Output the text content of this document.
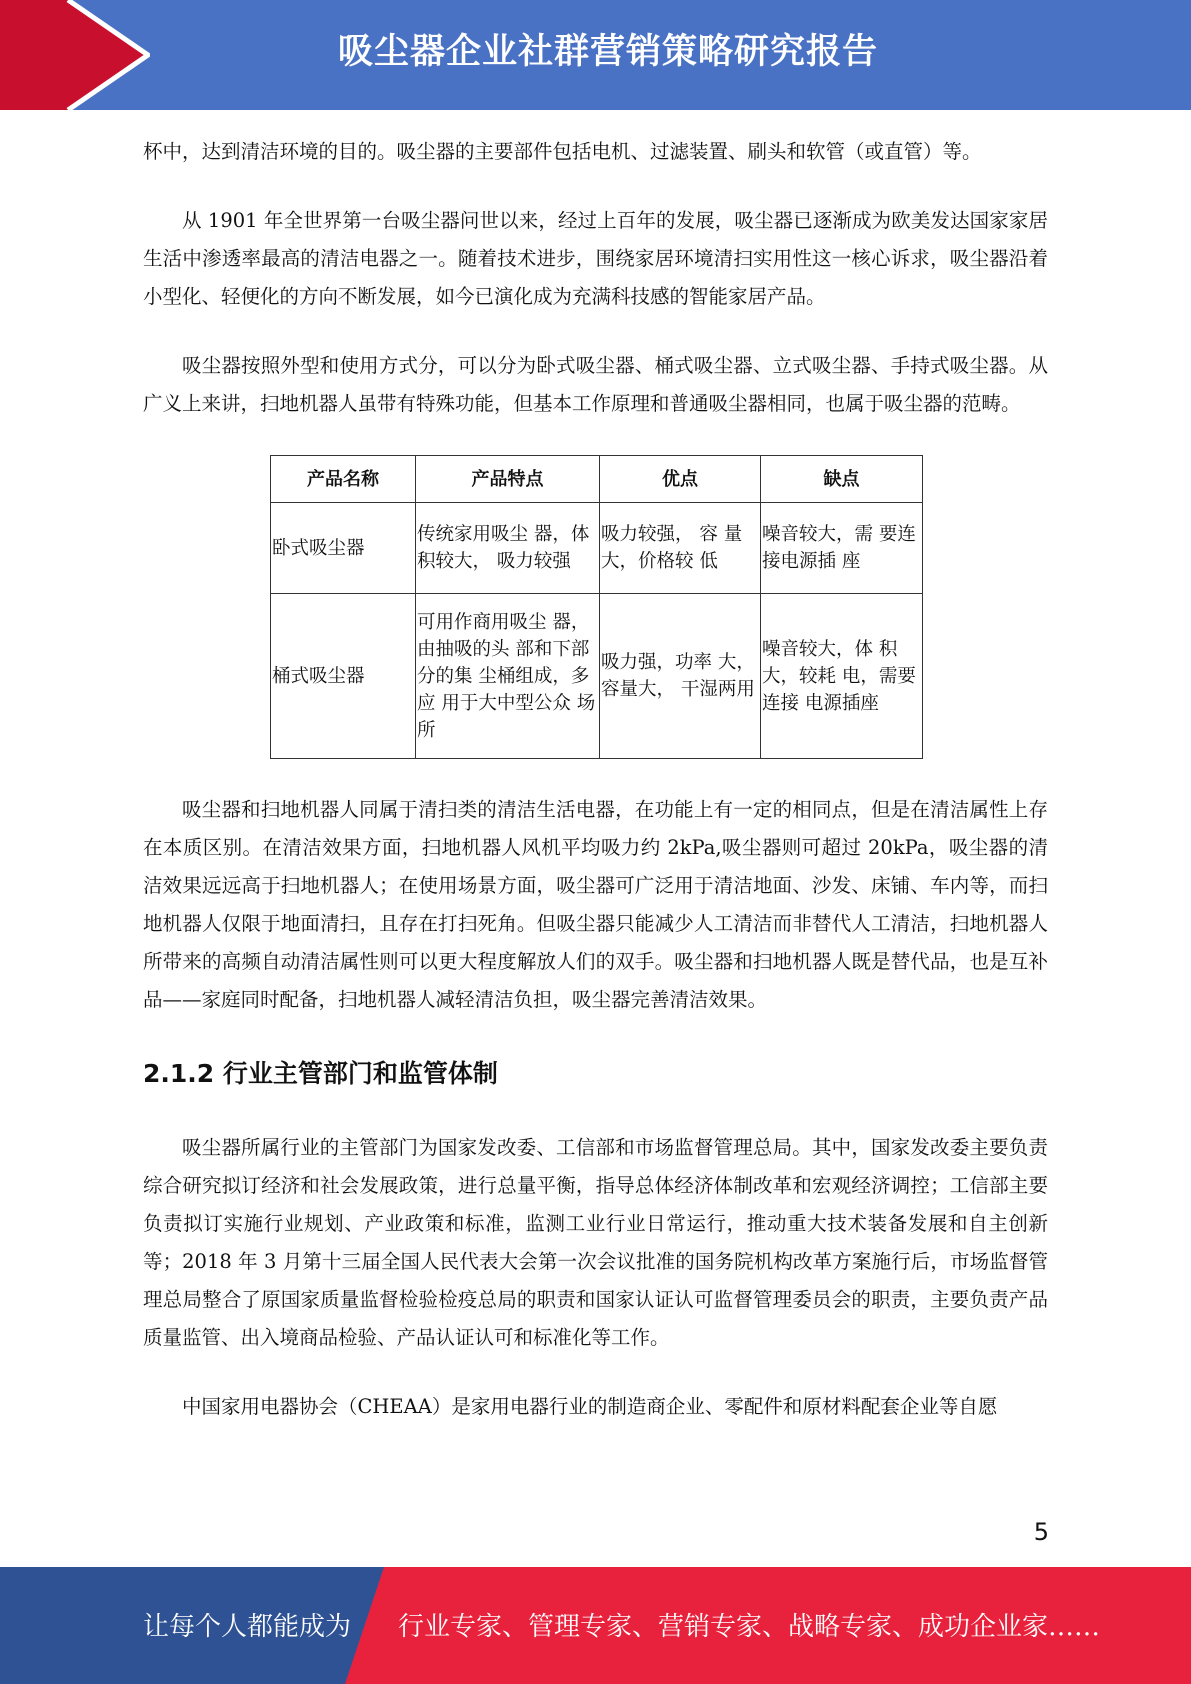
吸尘器企业社群营销策略研究报告

杯中，达到清洁环境的目的。吸尘器的主要部件包括电机、过滤装置、刷头和软管（或直管）等。

从 1901 年全世界第一台吸尘器问世以来，经过上百年的发展，吸尘器已逐渐成为欧美发达国家家居生活中渗透率最高的清洁电器之一。随着技术进步，围绕家居环境清扫实用性这一核心诉求，吸尘器沿着小型化、轻便化的方向不断发展，如今已演化成为充满科技感的智能家居产品。

吸尘器按照外型和使用方式分，可以分为卧式吸尘器、桶式吸尘器、立式吸尘器、手持式吸尘器。从广义上来讲，扫地机器人虽带有特殊功能，但基本工作原理和普通吸尘器相同，也属于吸尘器的范畴。

产品名称	产品特点	优点	缺点
卧式吸尘器	传统家用吸尘 器，体积较大， 吸力较强	吸力较强， 容 量大，价格较 低	噪音较大，需 要连接电源插 座
桶式吸尘器	可用作商用吸尘 器，由抽吸的头 部和下部分的集 尘桶组成，多应 用于大中型公众 场所	吸力强，功率 大，容量大， 干湿两用	噪音较大，体 积大，较耗 电，需要连接 电源插座

吸尘器和扫地机器人同属于清扫类的清洁生活电器，在功能上有一定的相同点，但是在清洁属性上存在本质区别。在清洁效果方面，扫地机器人风机平均吸力约 2kPa,吸尘器则可超过 20kPa，吸尘器的清洁效果远远高于扫地机器人；在使用场景方面，吸尘器可广泛用于清洁地面、沙发、床铺、车内等，而扫地机器人仅限于地面清扫，且存在打扫死角。但吸尘器只能减少人工清洁而非替代人工清洁，扫地机器人所带来的高频自动清洁属性则可以更大程度解放人们的双手。吸尘器和扫地机器人既是替代品，也是互补品——家庭同时配备，扫地机器人减轻清洁负担，吸尘器完善清洁效果。

2.1.2 行业主管部门和监管体制

吸尘器所属行业的主管部门为国家发改委、工信部和市场监督管理总局。其中，国家发改委主要负责综合研究拟订经济和社会发展政策，进行总量平衡，指导总体经济体制改革和宏观经济调控；工信部主要负责拟订实施行业规划、产业政策和标准，监测工业行业日常运行，推动重大技术装备发展和自主创新等；2018 年 3 月第十三届全国人民代表大会第一次会议批准的国务院机构改革方案施行后，市场监督管理总局整合了原国家质量监督检验检疫总局的职责和国家认证认可监督管理委员会的职责，主要负责产品质量监管、出入境商品检验、产品认证认可和标准化等工作。

中国家用电器协会（CHEAA）是家用电器行业的制造商企业、零配件和原材料配套企业等自愿

5
让每个人都能成为 行业专家、管理专家、营销专家、战略专家、成功企业家……
